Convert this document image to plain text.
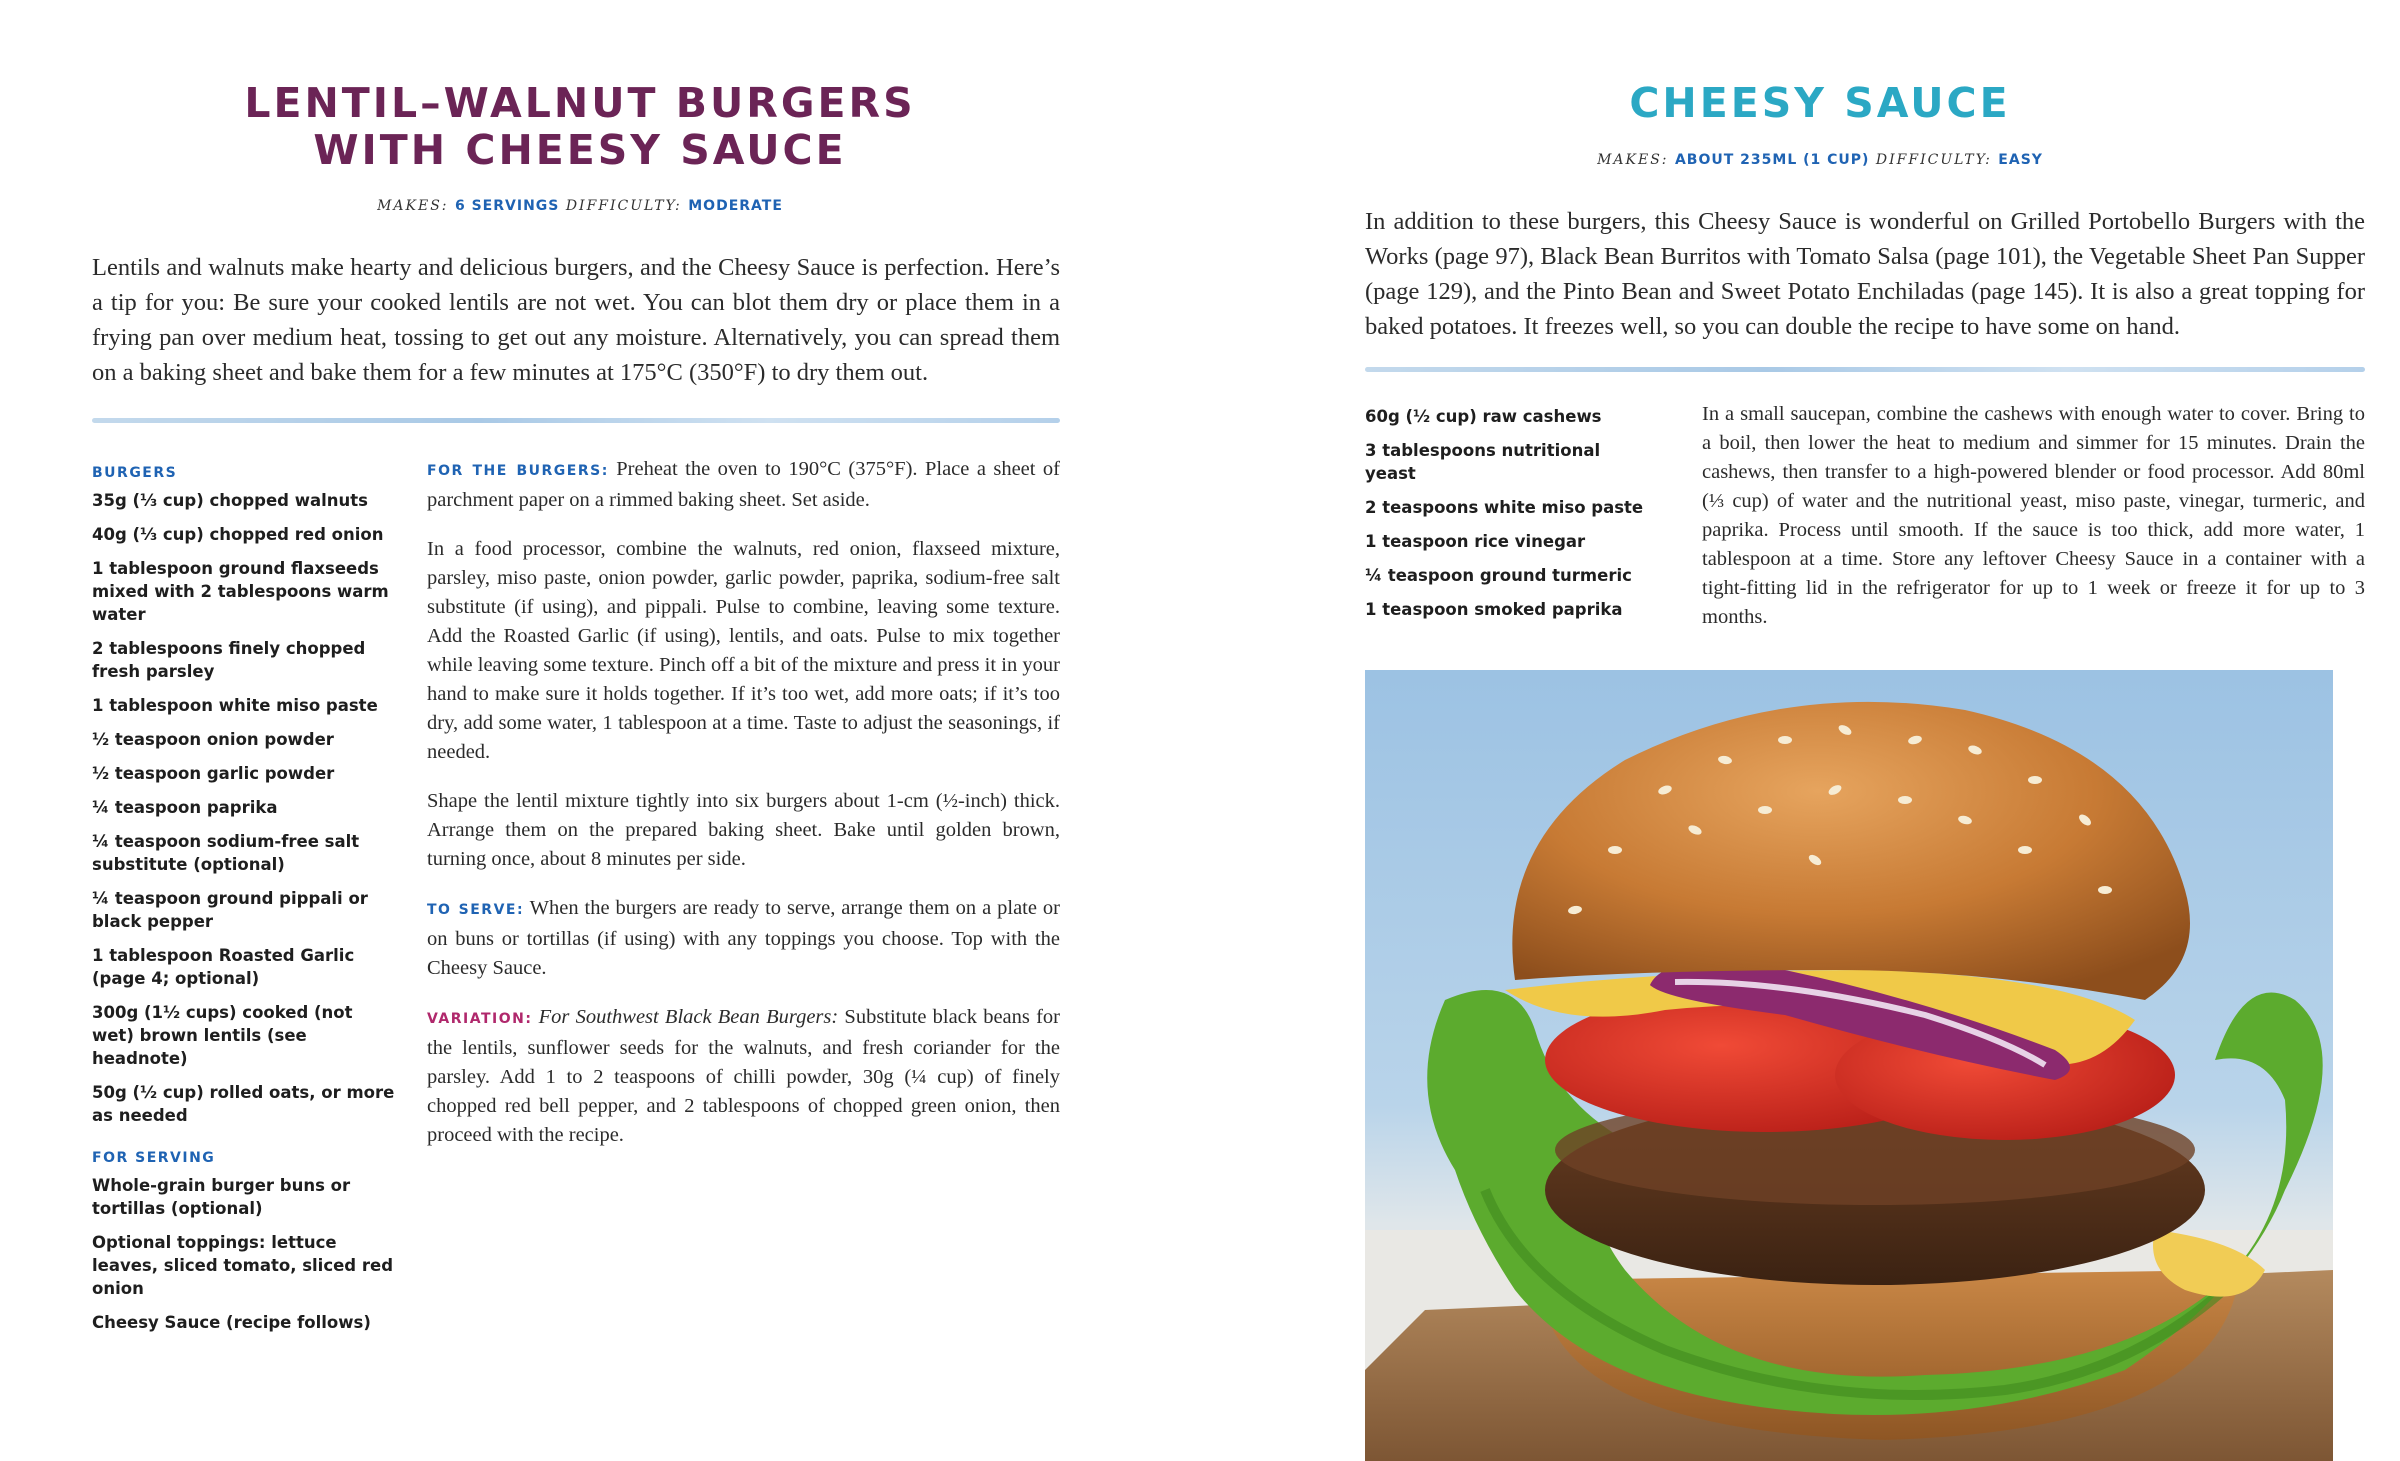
LENTIL–WALNUT BURGERS
WITH CHEESY SAUCE
MAKES: 6 SERVINGS DIFFICULTY: MODERATE
Lentils and walnuts make hearty and delicious burgers, and the Cheesy Sauce is perfection. Here’s a tip for you: Be sure your cooked lentils are not wet. You can blot them dry or place them in a frying pan over medium heat, tossing to get out any moisture. Alternatively, you can spread them on a baking sheet and bake them for a few minutes at 175°C (350°F) to dry them out.
BURGERS
35g (⅓ cup) chopped walnuts
40g (⅓ cup) chopped red onion
1 tablespoon ground flaxseeds mixed with 2 tablespoons warm water
2 tablespoons finely chopped fresh parsley
1 tablespoon white miso paste
½ teaspoon onion powder
½ teaspoon garlic powder
¼ teaspoon paprika
¼ teaspoon sodium-free salt substitute (optional)
¼ teaspoon ground pippali or black pepper
1 tablespoon Roasted Garlic (page 4; optional)
300g (1½ cups) cooked (not wet) brown lentils (see headnote)
50g (½ cup) rolled oats, or more as needed
FOR SERVING
Whole-grain burger buns or tortillas (optional)
Optional toppings: lettuce leaves, sliced tomato, sliced red onion
Cheesy Sauce (recipe follows)

FOR THE BURGERS: Preheat the oven to 190°C (375°F). Place a sheet of parchment paper on a rimmed baking sheet. Set aside.

In a food processor, combine the walnuts, red onion, flaxseed mixture, parsley, miso paste, onion powder, garlic powder, paprika, sodium-free salt substitute (if using), and pippali. Pulse to combine, leaving some texture. Add the Roasted Garlic (if using), lentils, and oats. Pulse to mix together while leaving some texture. Pinch off a bit of the mixture and press it in your hand to make sure it holds together. If it’s too wet, add more oats; if it’s too dry, add some water, 1 tablespoon at a time. Taste to adjust the seasonings, if needed.

Shape the lentil mixture tightly into six burgers about 1-cm (½-inch) thick. Arrange them on the prepared baking sheet. Bake until golden brown, turning once, about 8 minutes per side.

TO SERVE: When the burgers are ready to serve, arrange them on a plate or on buns or tortillas (if using) with any toppings you choose. Top with the Cheesy Sauce.

VARIATION: For Southwest Black Bean Burgers: Substitute black beans for the lentils, sunflower seeds for the walnuts, and fresh coriander for the parsley. Add 1 to 2 teaspoons of chilli powder, 30g (¼ cup) of finely chopped red bell pepper, and 2 tablespoons of chopped green onion, then proceed with the recipe.

CHEESY SAUCE
MAKES: ABOUT 235ML (1 CUP) DIFFICULTY: EASY
In addition to these burgers, this Cheesy Sauce is wonderful on Grilled Portobello Burgers with the Works (page 97), Black Bean Burritos with Tomato Salsa (page 101), the Vegetable Sheet Pan Supper (page 129), and the Pinto Bean and Sweet Potato Enchiladas (page 145). It is also a great topping for baked potatoes. It freezes well, so you can double the recipe to have some on hand.
60g (½ cup) raw cashews
3 tablespoons nutritional yeast
2 teaspoons white miso paste
1 teaspoon rice vinegar
¼ teaspoon ground turmeric
1 teaspoon smoked paprika
In a small saucepan, combine the cashews with enough water to cover. Bring to a boil, then lower the heat to medium and simmer for 15 minutes. Drain the cashews, then transfer to a high-powered blender or food processor. Add 80ml (⅓ cup) of water and the nutritional yeast, miso paste, vinegar, turmeric, and paprika. Process until smooth. If the sauce is too thick, add more water, 1 tablespoon at a time. Store any leftover Cheesy Sauce in a container with a tight-fitting lid in the refrigerator for up to 1 week or freeze it for up to 3 months.
